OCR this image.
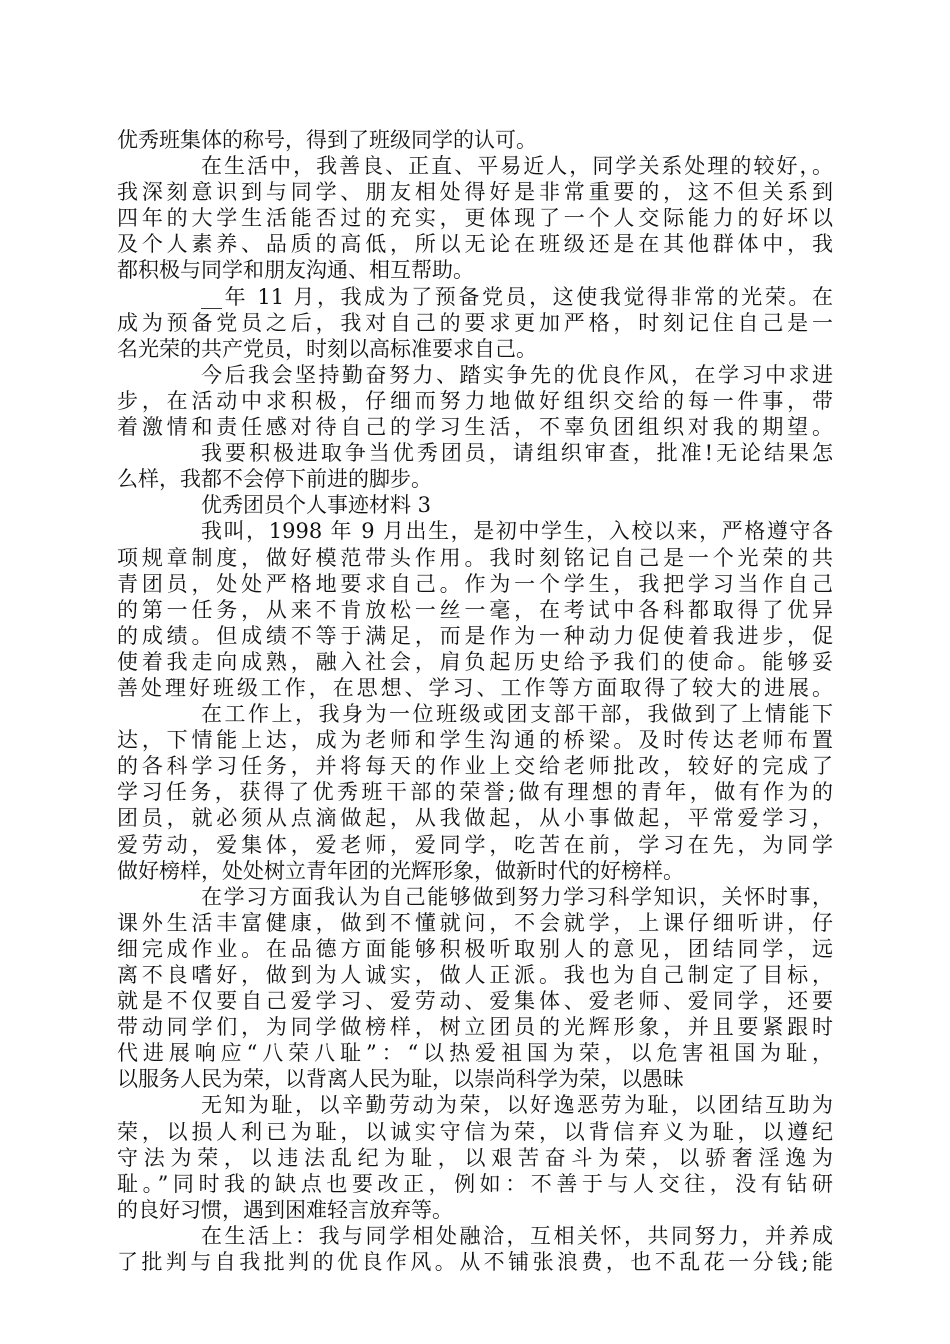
优秀班集体的称号，得到了班级同学的认可。
在生活中，我善良、正直、平易近人，同学关系处理的较好，。
我深刻意识到与同学、朋友相处得好是非常重要的，这不但关系到
四年的大学生活能否过的充实，更体现了一个人交际能力的好坏以
及个人素养、品质的高低，所以无论在班级还是在其他群体中，我
都积极与同学和朋友沟通、相互帮助。
__年 11 月，我成为了预备党员，这使我觉得非常的光荣。在
成为预备党员之后，我对自己的要求更加严格，时刻记住自己是一
名光荣的共产党员，时刻以高标准要求自己。
今后我会坚持勤奋努力、踏实争先的优良作风，在学习中求进
步，在活动中求积极，仔细而努力地做好组织交给的每一件事，带
着激情和责任感对待自己的学习生活，不辜负团组织对我的期望。
我要积极进取争当优秀团员，请组织审查，批准!无论结果怎
么样，我都不会停下前进的脚步。
优秀团员个人事迹材料 3
我叫，1998 年 9 月出生，是初中学生，入校以来，严格遵守各
项规章制度，做好模范带头作用。我时刻铭记自己是一个光荣的共
青团员，处处严格地要求自己。作为一个学生，我把学习当作自己
的第一任务，从来不肯放松一丝一毫，在考试中各科都取得了优异
的成绩。但成绩不等于满足，而是作为一种动力促使着我进步，促
使着我走向成熟，融入社会，肩负起历史给予我们的使命。能够妥
善处理好班级工作，在思想、学习、工作等方面取得了较大的进展。
在工作上，我身为一位班级或团支部干部，我做到了上情能下
达，下情能上达，成为老师和学生沟通的桥梁。及时传达老师布置
的各科学习任务，并将每天的作业上交给老师批改，较好的完成了
学习任务，获得了优秀班干部的荣誉;做有理想的青年，做有作为的
团员，就必须从点滴做起，从我做起，从小事做起，平常爱学习，
爱劳动，爱集体，爱老师，爱同学，吃苦在前，学习在先，为同学
做好榜样，处处树立青年团的光辉形象，做新时代的好榜样。
在学习方面我认为自己能够做到努力学习科学知识，关怀时事，
课外生活丰富健康，做到不懂就问，不会就学，上课仔细听讲，仔
细完成作业。在品德方面能够积极听取别人的意见，团结同学，远
离不良嗜好，做到为人诚实，做人正派。我也为自己制定了目标，
就是不仅要自己爱学习、爱劳动、爱集体、爱老师、爱同学，还要
带动同学们，为同学做榜样，树立团员的光辉形象，并且要紧跟时
代进展响应“八荣八耻”：“以热爱祖国为荣，以危害祖国为耻，
以服务人民为荣，以背离人民为耻，以崇尚科学为荣，以愚昧
无知为耻，以辛勤劳动为荣，以好逸恶劳为耻，以团结互助为
荣，以损人利已为耻，以诚实守信为荣，以背信弃义为耻，以遵纪
守法为荣，以违法乱纪为耻，以艰苦奋斗为荣，以骄奢淫逸为
耻。”同时我的缺点也要改正，例如：不善于与人交往，没有钻研
的良好习惯，遇到困难轻言放弃等。
在生活上：我与同学相处融洽，互相关怀，共同努力，并养成
了批判与自我批判的优良作风。从不铺张浪费，也不乱花一分钱;能
